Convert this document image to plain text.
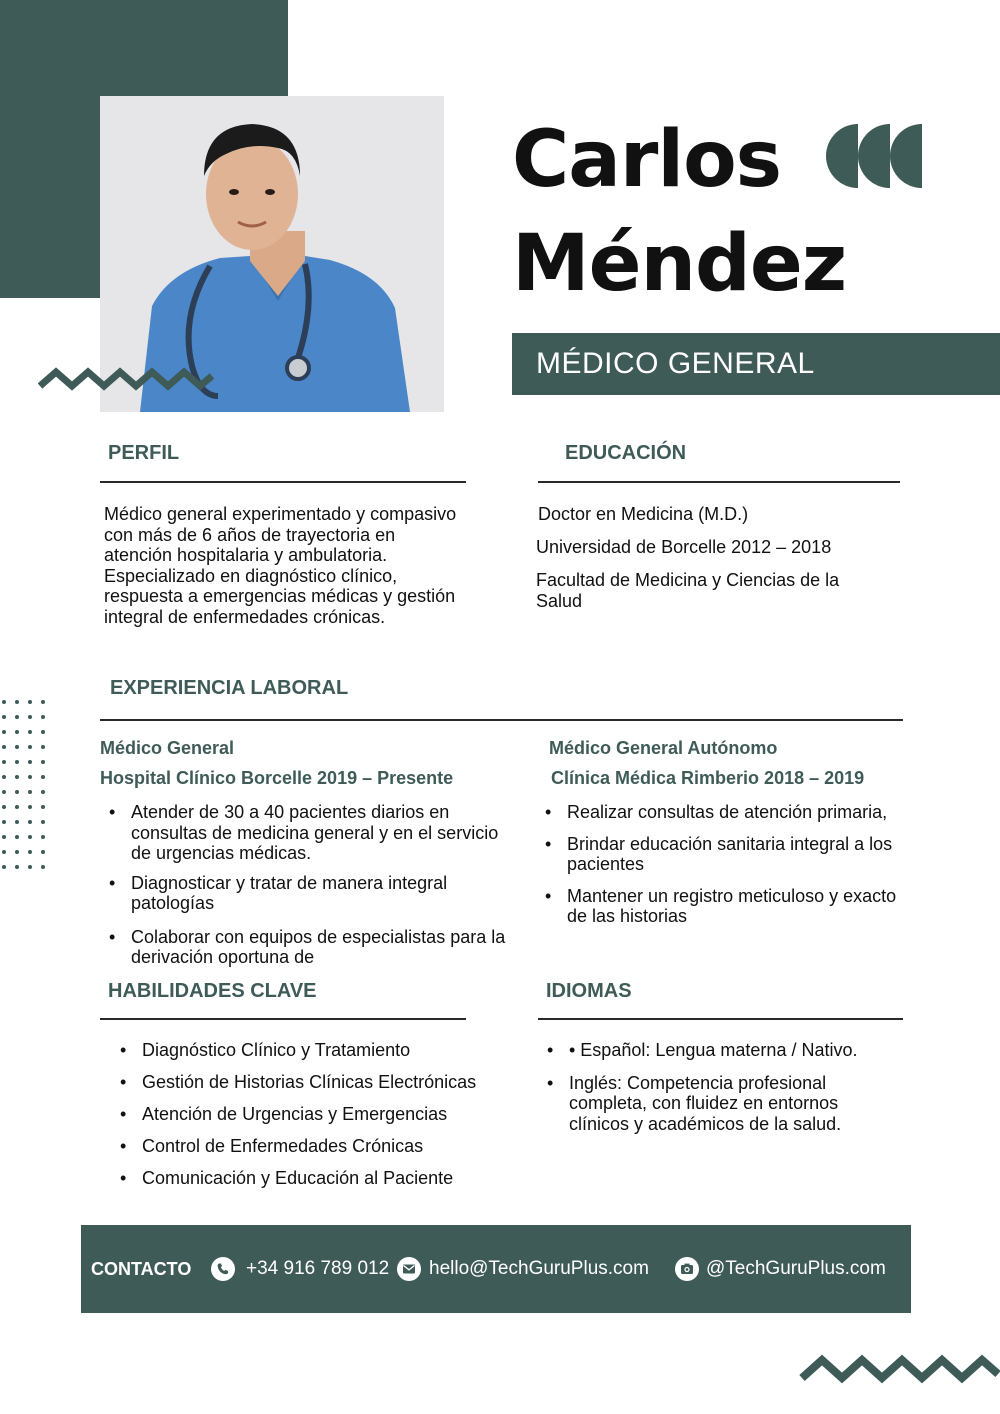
Carlos
Méndez
MÉDICO GENERAL
PERFIL
Médico general experimentado y compasivo con más de 6 años de trayectoria en atención hospitalaria y ambulatoria. Especializado en diagnóstico clínico, respuesta a emergencias médicas y gestión integral de enfermedades crónicas.
EDUCACIÓN
Doctor en Medicina (M.D.)
Universidad de Borcelle 2012 – 2018
Facultad de Medicina y Ciencias de la Salud
EXPERIENCIA LABORAL
Médico General
Hospital Clínico Borcelle 2019 – Presente
• Atender de 30 a 40 pacientes diarios en consultas de medicina general y en el servicio de urgencias médicas.
• Diagnosticar y tratar de manera integral patologías
• Colaborar con equipos de especialistas para la derivación oportuna de
Médico General Autónomo
Clínica Médica Rimberio 2018 – 2019
• Realizar consultas de atención primaria,
• Brindar educación sanitaria integral a los pacientes
• Mantener un registro meticuloso y exacto de las historias
HABILIDADES CLAVE
• Diagnóstico Clínico y Tratamiento
• Gestión de Historias Clínicas Electrónicas
• Atención de Urgencias y Emergencias
• Control de Enfermedades Crónicas
• Comunicación y Educación al Paciente
IDIOMAS
• • Español: Lengua materna / Nativo.
• Inglés: Competencia profesional completa, con fluidez en entornos clínicos y académicos de la salud.
CONTACTO	+34 916 789 012 hello@TechGuruPlus.com	@TechGuruPlus.com
